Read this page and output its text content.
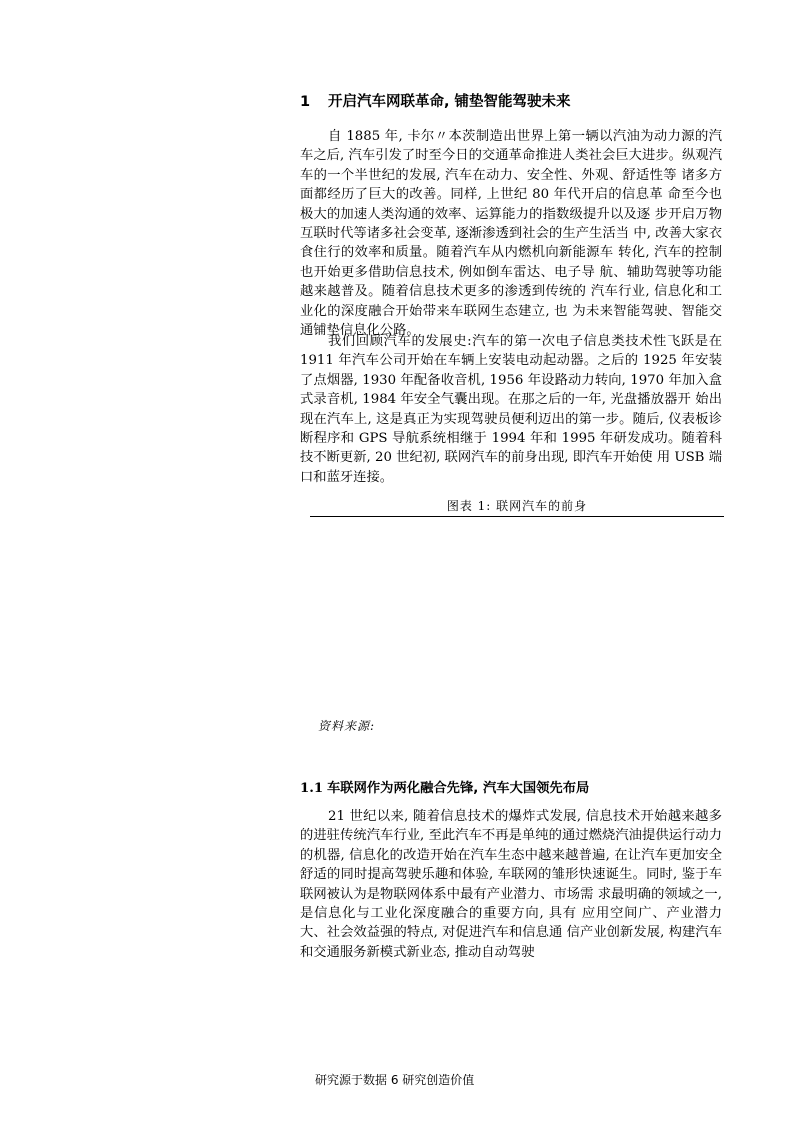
1 开启汽车网联革命, 铺垫智能驾驶未来

自 1885 年, 卡尔〃本茨制造出世界上第一辆以汽油为动力源的汽车之后, 汽车引发了时至今日的交通革命推进人类社会巨大进步。纵观汽车的一个半世纪的发展, 汽车在动力、安全性、外观、舒适性等 诸多方面都经历了巨大的改善。同样, 上世纪 80 年代开启的信息革 命至今也极大的加速人类沟通的效率、运算能力的指数级提升以及逐 步开启万物互联时代等诸多社会变革, 逐渐渗透到社会的生产生活当 中, 改善大家衣食住行的效率和质量。随着汽车从内燃机向新能源车 转化, 汽车的控制也开始更多借助信息技术, 例如倒车雷达、电子导 航、辅助驾驶等功能越来越普及。随着信息技术更多的渗透到传统的 汽车行业, 信息化和工业化的深度融合开始带来车联网生态建立, 也 为未来智能驾驶、智能交通铺垫信息化公路。

我们回顾汽车的发展史:汽车的第一次电子信息类技术性飞跃是在 1911 年汽车公司开始在车辆上安装电动起动器。之后的 1925 年安装了点烟器, 1930 年配备收音机, 1956 年设路动力转向, 1970 年加入盒式录音机, 1984 年安全气囊出现。在那之后的一年, 光盘播放器开 始出现在汽车上, 这是真正为实现驾驶员便利迈出的第一步。随后, 仪表板诊断程序和 GPS 导航系统相继于 1994 年和 1995 年研发成功。随着科技不断更新, 20 世纪初, 联网汽车的前身出现, 即汽车开始使 用 USB 端口和蓝牙连接。

图表 1: 联网汽车的前身
资料来源:
1.1 车联网作为两化融合先锋, 汽车大国领先布局

21 世纪以来, 随着信息技术的爆炸式发展, 信息技术开始越来越多的进驻传统汽车行业, 至此汽车不再是单纯的通过燃烧汽油提供运行动力的机器, 信息化的改造开始在汽车生态中越来越普遍, 在让汽车更加安全舒适的同时提高驾驶乐趣和体验, 车联网的雏形快速诞生。同时, 鉴于车联网被认为是物联网体系中最有产业潜力、市场需 求最明确的领域之一, 是信息化与工业化深度融合的重要方向, 具有 应用空间广、产业潜力大、社会效益强的特点, 对促进汽车和信息通 信产业创新发展, 构建汽车和交通服务新模式新业态, 推动自动驾驶

研究源于数据 6 研究创造价值
